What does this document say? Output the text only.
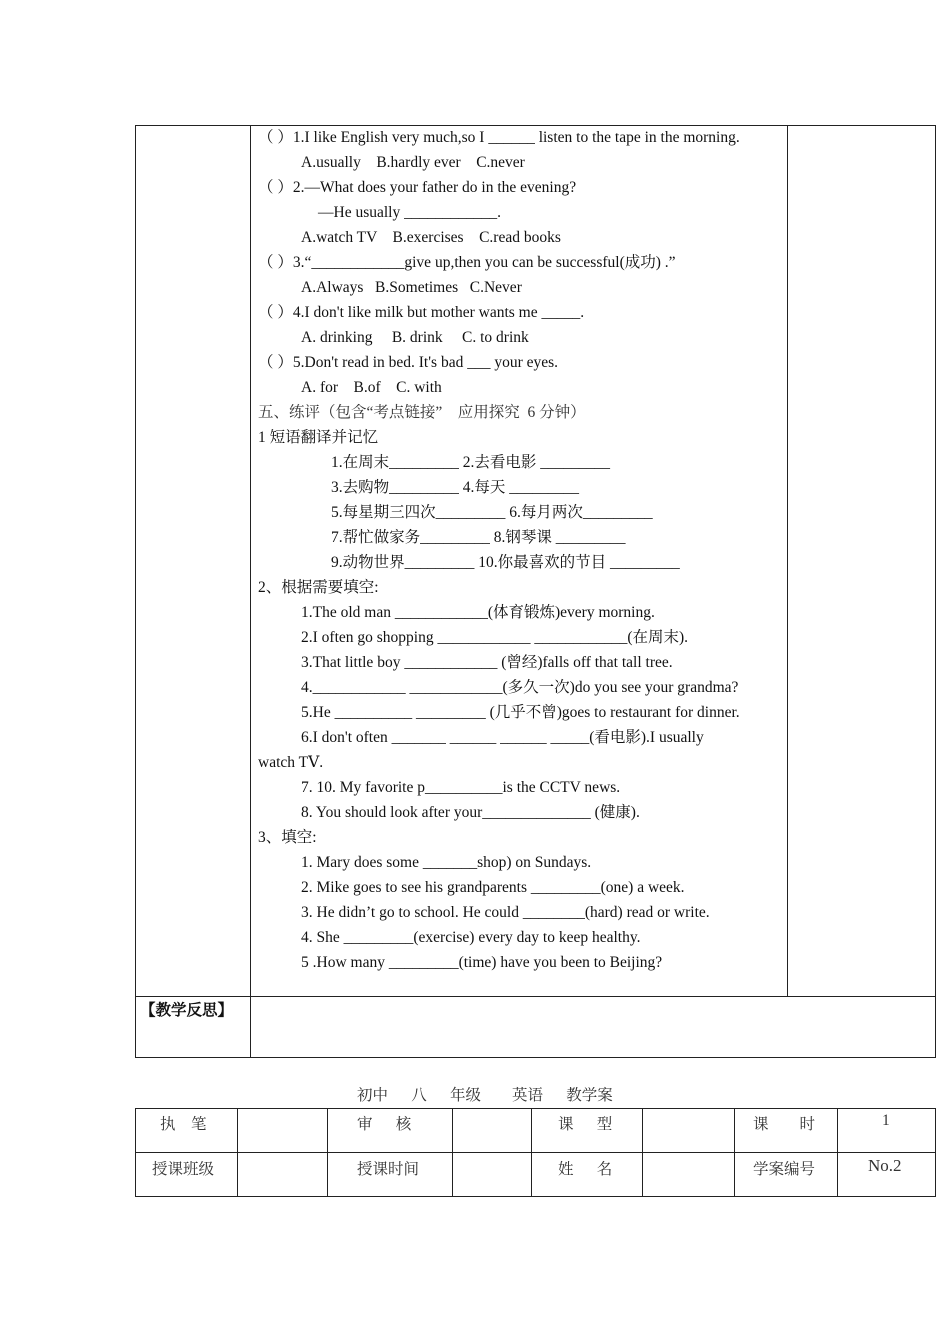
（ ）1.I like English very much,so I ______ listen to the tape in the morning.
A.usually    B.hardly ever    C.never
（ ）2.—What does your father do in the evening?
—He usually ____________.
A.watch TV    B.exercises    C.read books
（ ）3.“____________give up,then you can be successful(成功) .”
A.Always   B.Sometimes   C.Never
（ ）4.I don't like milk but mother wants me _____.
A. drinking     B. drink     C. to drink
（ ）5.Don't read in bed. It's bad ___ your eyes.
A. for    B.of    C. with
五、练评（包含“考点链接”    应用探究  6 分钟）
1 短语翻译并记忆
1.在周末_________ 2.去看电影 _________
3.去购物_________ 4.每天 _________
5.每星期三四次_________ 6.每月两次_________
7.帮忙做家务_________ 8.钢琴课 _________
9.动物世界_________ 10.你最喜欢的节目 _________
2、根据需要填空:
1.The old man ____________(体育锻炼)every morning.
2.I often go shopping ____________ ____________(在周末).
3.That little boy ____________ (曾经)falls off that tall tree.
4.____________ ____________(多久一次)do you see your grandma?
5.He __________ _________ (几乎不曾)goes to restaurant for dinner.
6.I don't often _______ ______ ______ _____(看电影).I usually
watch TⅤ.
7. 10. My favorite p__________is the CCTV news.
8. You should look after your______________ (健康).
3、填空:
1. Mary does some _______shop) on Sundays.
2. Mike goes to see his grandparents _________(one) a week.
3. He didn’t go to school. He could ________(hard) read or write.
4. She _________(exercise) every day to keep healthy.
5 .How many _________(time) have you been to Beijing?
【教学反思】
初中      八      年级        英语      教学案
执    笔	审      核	课      型	课        时	1
授课班级	授课时间	姓      名	学案编号	No.2
